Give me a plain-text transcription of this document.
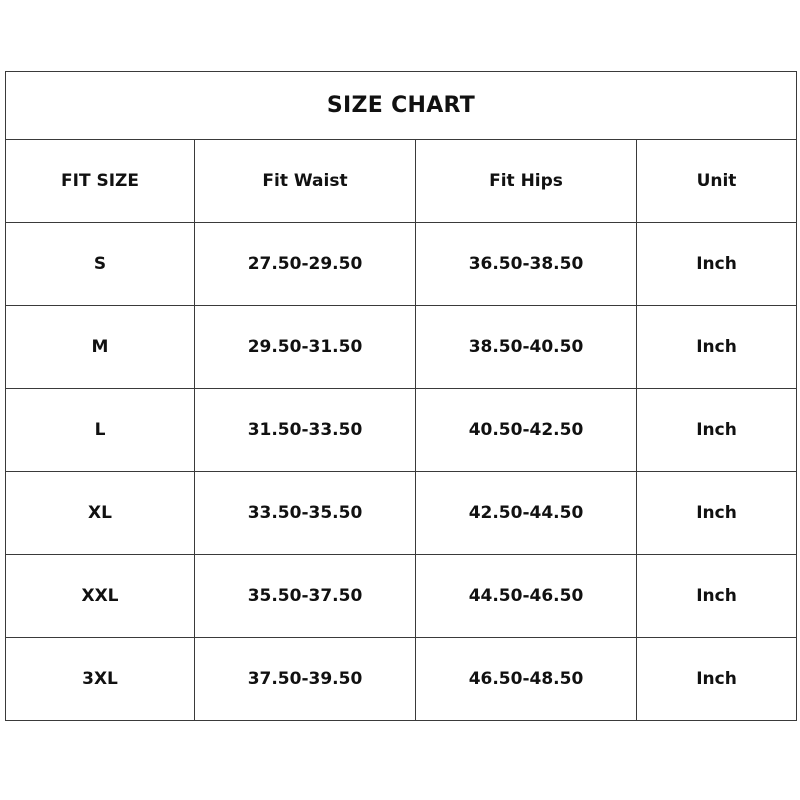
SIZE CHART			
FIT SIZE	Fit Waist	Fit Hips	Unit
S	27.50-29.50	36.50-38.50	Inch
M	29.50-31.50	38.50-40.50	Inch
L	31.50-33.50	40.50-42.50	Inch
XL	33.50-35.50	42.50-44.50	Inch
XXL	35.50-37.50	44.50-46.50	Inch
3XL	37.50-39.50	46.50-48.50	Inch
